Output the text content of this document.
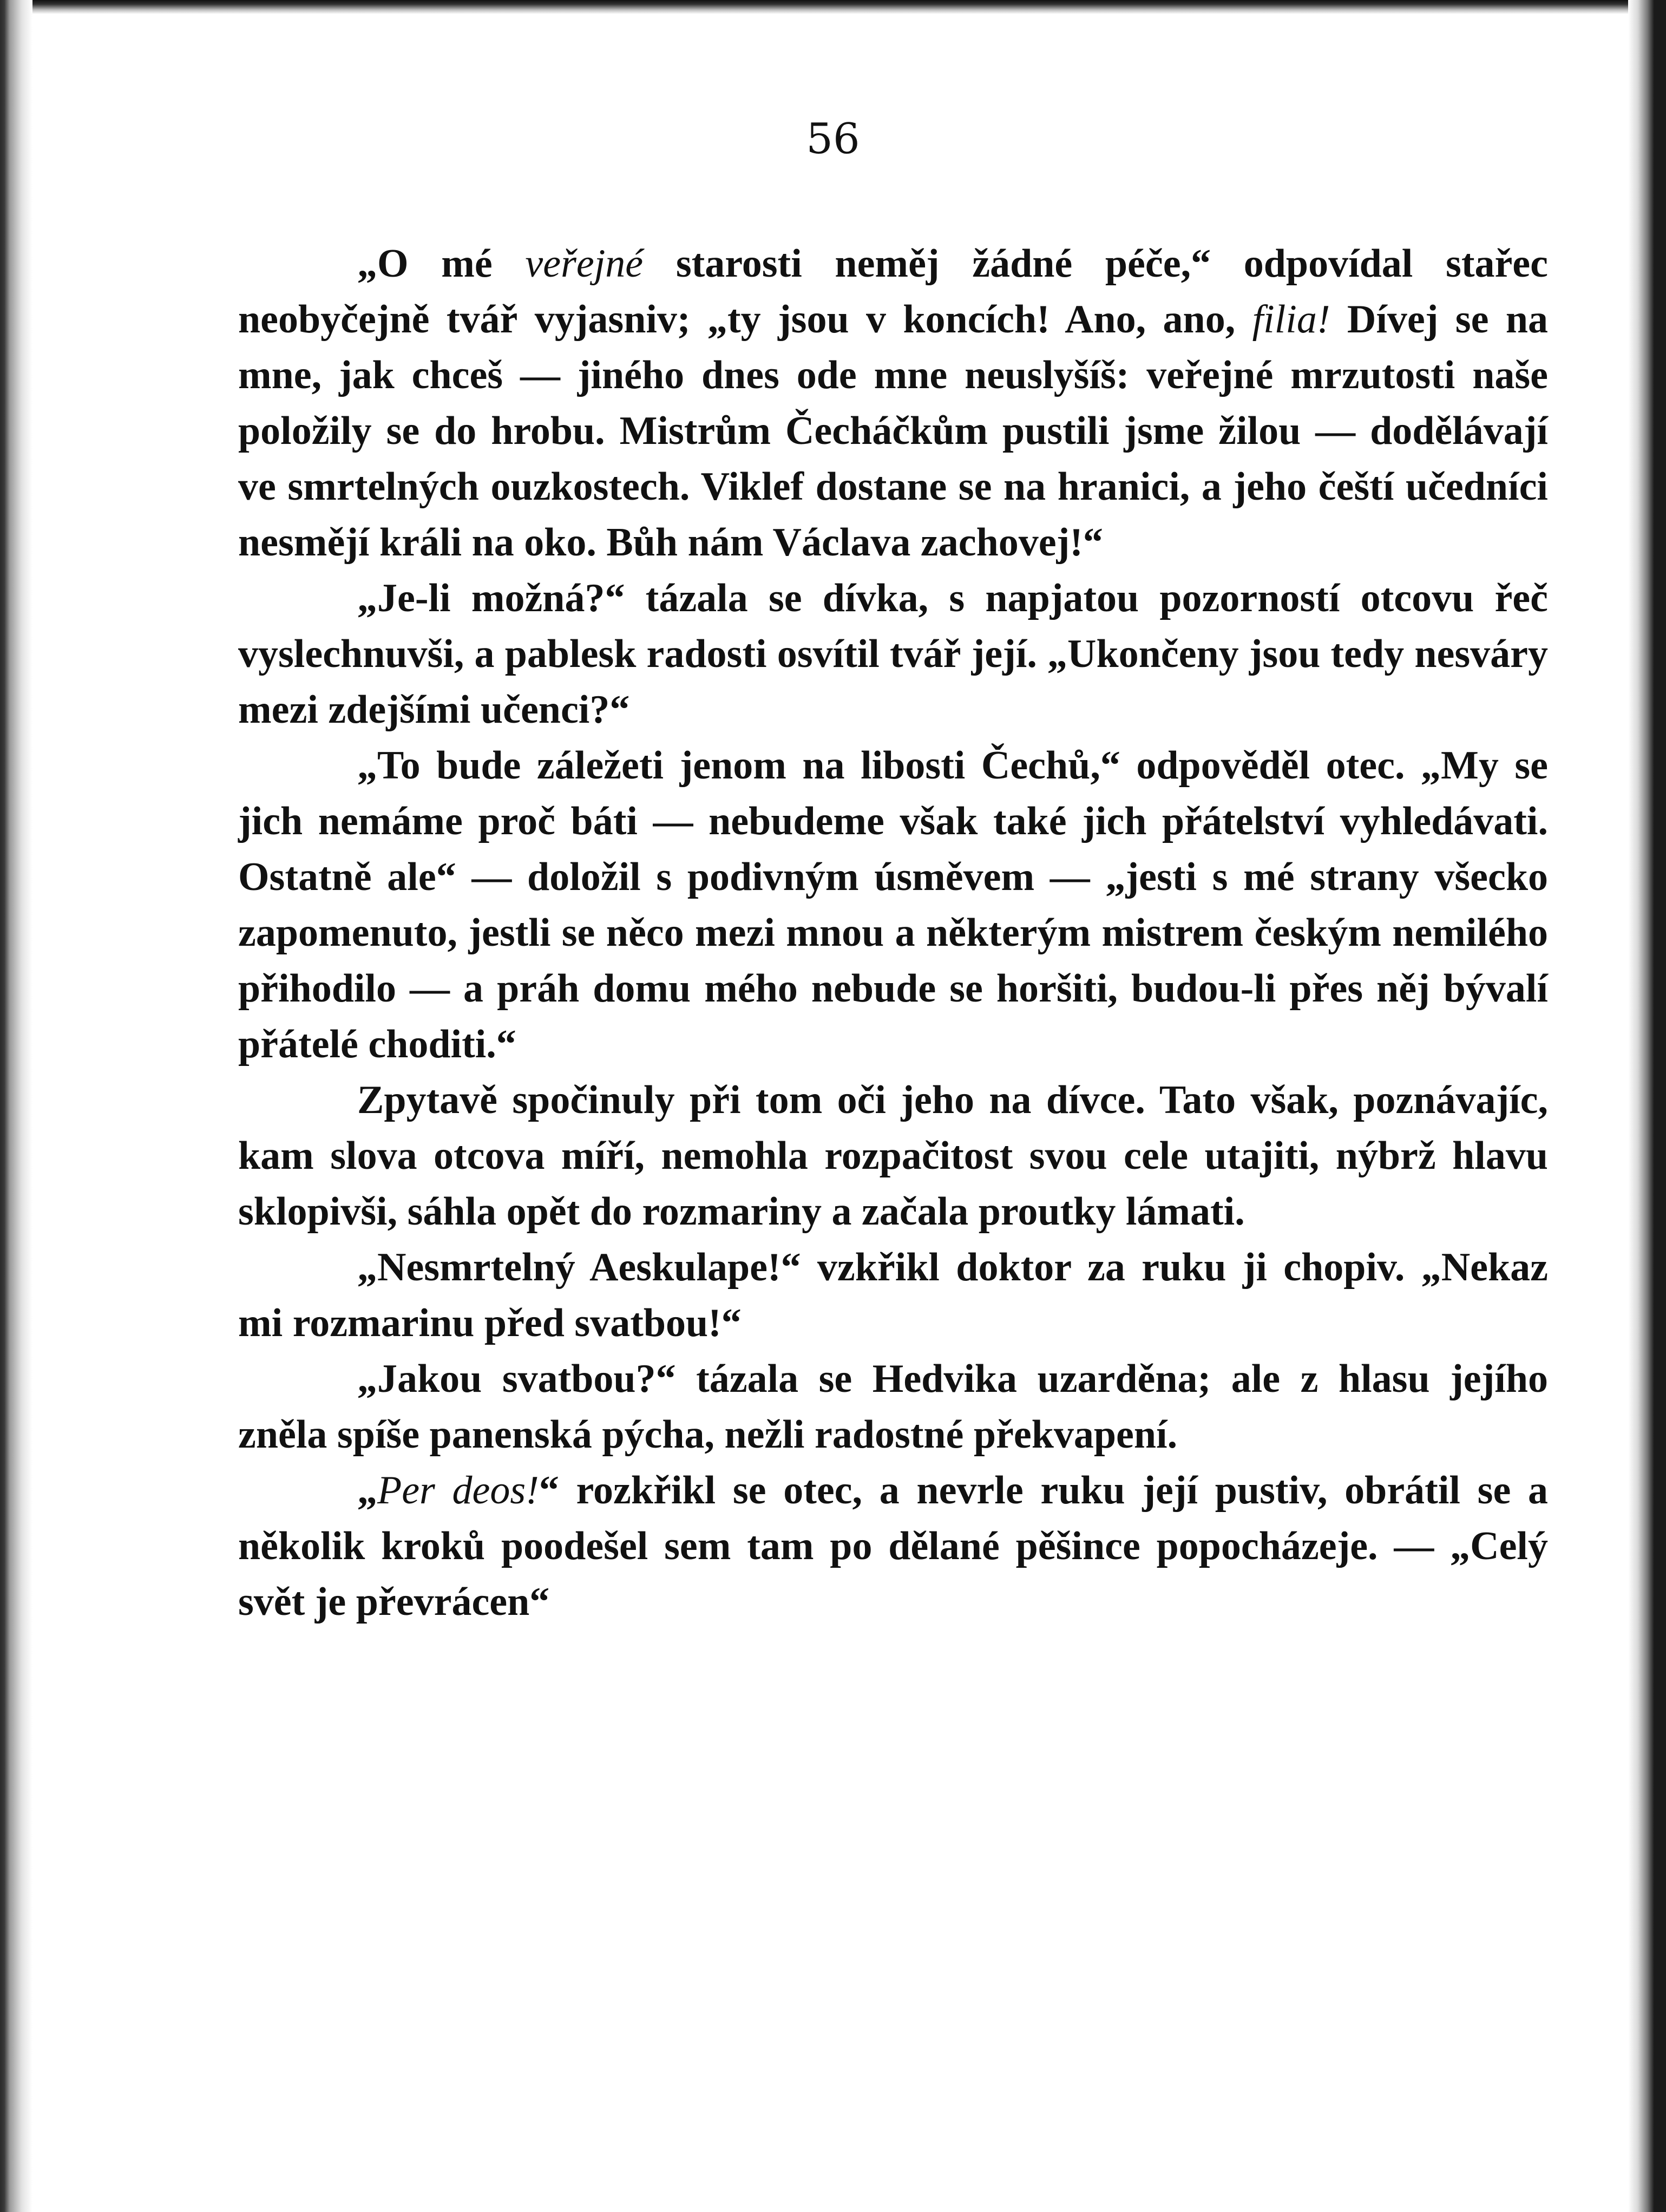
56

„O mé veřejné starosti neměj žádné péče,“ odpovídal stařec neobyčejně tvář vyjasniv; „ty jsou v koncích! Ano, ano, filia! Dívej se na mne, jak chceš — jiného dnes ode mne neuslyšíš: veřejné mrzutosti naše položily se do hrobu. Mistrům Čecháčkům pustili jsme žilou — dodělávají ve smrtelných ouzkostech. Viklef dostane se na hranici, a jeho čeští učedníci nesmějí králi na oko. Bůh nám Václava zachovej!“

„Je-li možná?“ tázala se dívka, s napjatou pozorností otcovu řeč vyslechnuvši, a pablesk radosti osvítil tvář její. „Ukončeny jsou tedy nesváry mezi zdejšími učenci?“

„To bude záležeti jenom na libosti Čechů,“ odpověděl otec. „My se jich nemáme proč báti — nebudeme však také jich přátelství vyhledávati. Ostatně ale“ — doložil s podivným úsměvem — „jesti s mé strany všecko zapomenuto, jestli se něco mezi mnou a některým mistrem českým nemilého přihodilo — a práh domu mého nebude se horšiti, budou-li přes něj bývalí přátelé choditi.“

Zpytavě spočinuly při tom oči jeho na dívce. Tato však, poznávajíc, kam slova otcova míří, nemohla rozpačitost svou cele utajiti, nýbrž hlavu sklopivši, sáhla opět do rozmariny a začala proutky lámati.

„Nesmrtelný Aeskulape!“ vzkřikl doktor za ruku ji chopiv. „Nekaz mi rozmarinu před svatbou!“

„Jakou svatbou?“ tázala se Hedvika uzarděna; ale z hlasu jejího zněla spíše panenská pýcha, nežli radostné překvapení.

„Per deos!“ rozkřikl se otec, a nevrle ruku její pustiv, obrátil se a několik kroků poodešel sem tam po dělané pěšince popocházeje. — „Celý svět je převrácen“
